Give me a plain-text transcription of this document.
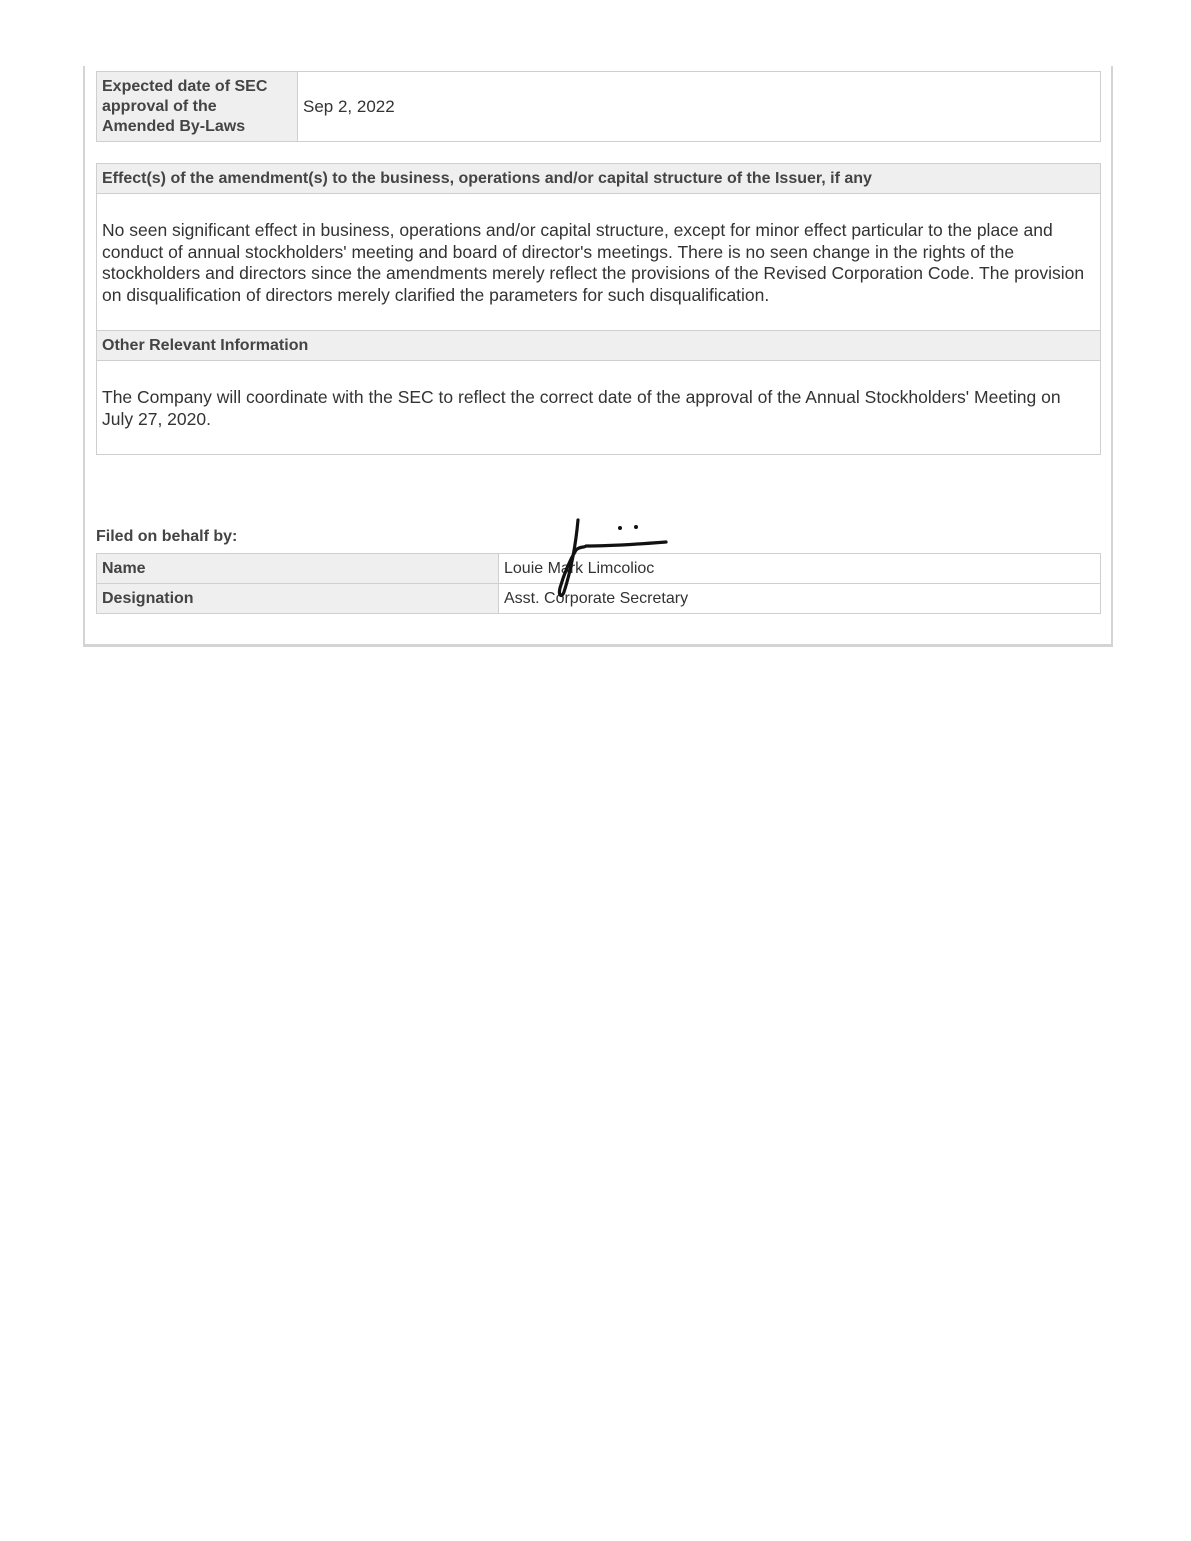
Expected date of SEC approval of the Amended By-Laws	Sep 2, 2022
Effect(s) of the amendment(s) to the business, operations and/or capital structure of the Issuer, if any
No seen significant effect in business, operations and/or capital structure, except for minor effect particular to the place and conduct of annual stockholders' meeting and board of director's meetings. There is no seen change in the rights of the stockholders and directors since the amendments merely reflect the provisions of the Revised Corporation Code. The provision on disqualification of directors merely clarified the parameters for such disqualification.
Other Relevant Information
The Company will coordinate with the SEC to reflect the correct date of the approval of the Annual Stockholders' Meeting on July 27, 2020.
Filed on behalf by:
Name	Louie Mark Limcolioc
Designation	Asst. Corporate Secretary
